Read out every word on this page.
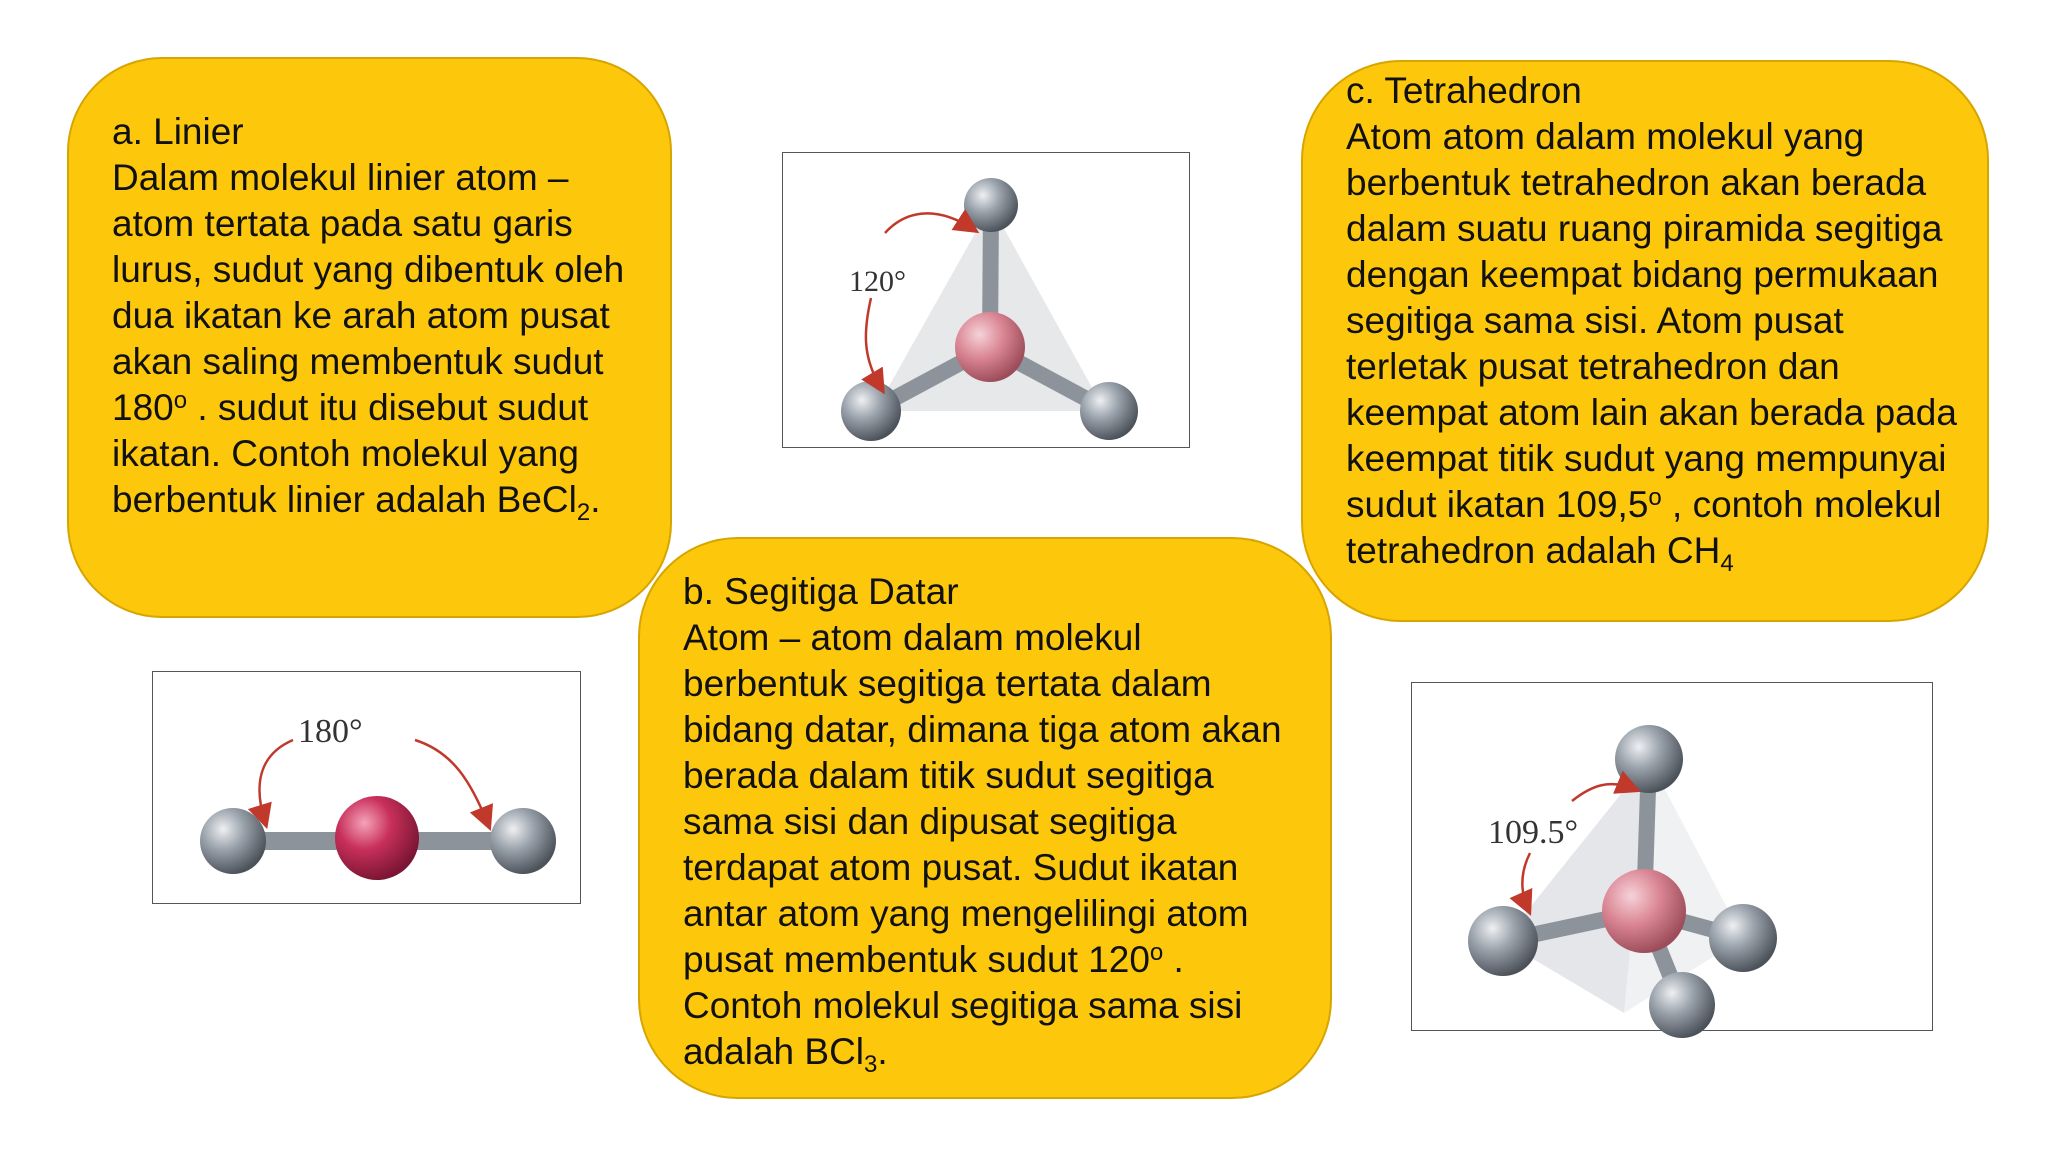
a. Linier

Dalam molekul linier atom – atom tertata pada satu garis lurus, sudut yang dibentuk oleh dua ikatan ke arah atom pusat akan saling membentuk sudut 180$^o$ . sudut itu disebut sudut ikatan. Contoh molekul yang berbentuk linier adalah BeCl$_2$.

c. Tetrahedron

Atom atom dalam molekul yang berbentuk tetrahedron akan berada dalam suatu ruang piramida segitiga dengan keempat bidang permukaan segitiga sama sisi. Atom pusat terletak pusat tetrahedron dan keempat atom lain akan berada pada keempat titik sudut yang mempunyai sudut ikatan 109,5$^o$ , contoh molekul tetrahedron adalah $CH_4$

120°
180°
109.5°

b. Segitiga Datar

Atom – atom dalam molekul berbentuk segitiga tertata dalam bidang datar, dimana tiga atom akan berada dalam titik sudut segitiga sama sisi dan dipusat segitiga terdapat atom pusat. Sudut ikatan antar atom yang mengelilingi atom pusat membentuk sudut 120$^o$ . Contoh molekul segitiga sama sisi adalah BCl$_3$.
